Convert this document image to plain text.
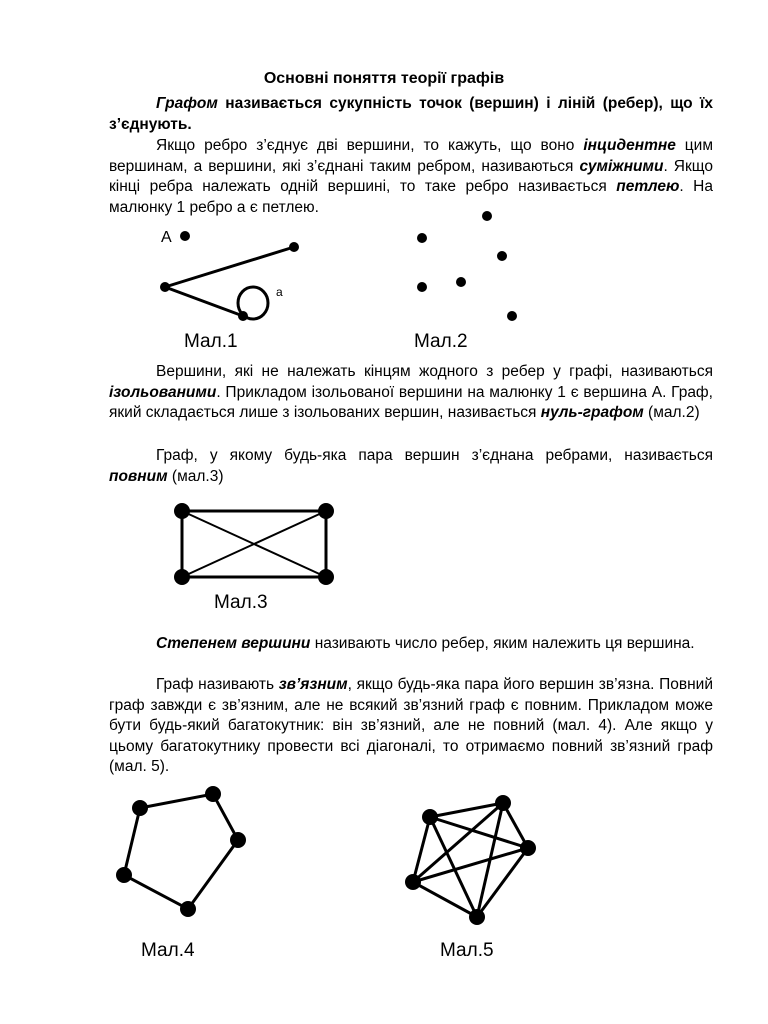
Основні поняття теорії графів

Графом називається сукупність точок (вершин) і ліній (ребер), що їх з’єднують.

Якщо ребро з’єднує дві вершини, то кажуть, що воно інцидентне цим вершинам, а вершини, які з’єднані таким ребром, називаються суміжними. Якщо кінці ребра належать одній вершині, то таке ребро називається петлею. На малюнку 1 ребро а є петлею.

А
а
Мал.1	Мал.2

Вершини, які не належать кінцям жодного з ребер у графі, називаються ізольованими. Прикладом ізольованої вершини на малюнку 1 є вершина А. Граф, який складається лише з ізольованих вершин, називається нуль-графом (мал.2)

Граф, у якому будь-яка пара вершин з’єднана ребрами, називається повним (мал.3)

Мал.3

Степенем вершини називають число ребер, яким належить ця вершина.

Граф називають зв’язним, якщо будь-яка пара його вершин зв’язна. Повний граф завжди є зв’язним, але не всякий зв’язний граф є повним. Прикладом може бути будь-який багатокутник: він зв’язний, але не повний (мал. 4). Але якщо у цьому багатокутнику провести всі діагоналі, то отримаємо повний зв’язний граф (мал. 5).

Мал.4	Мал.5
